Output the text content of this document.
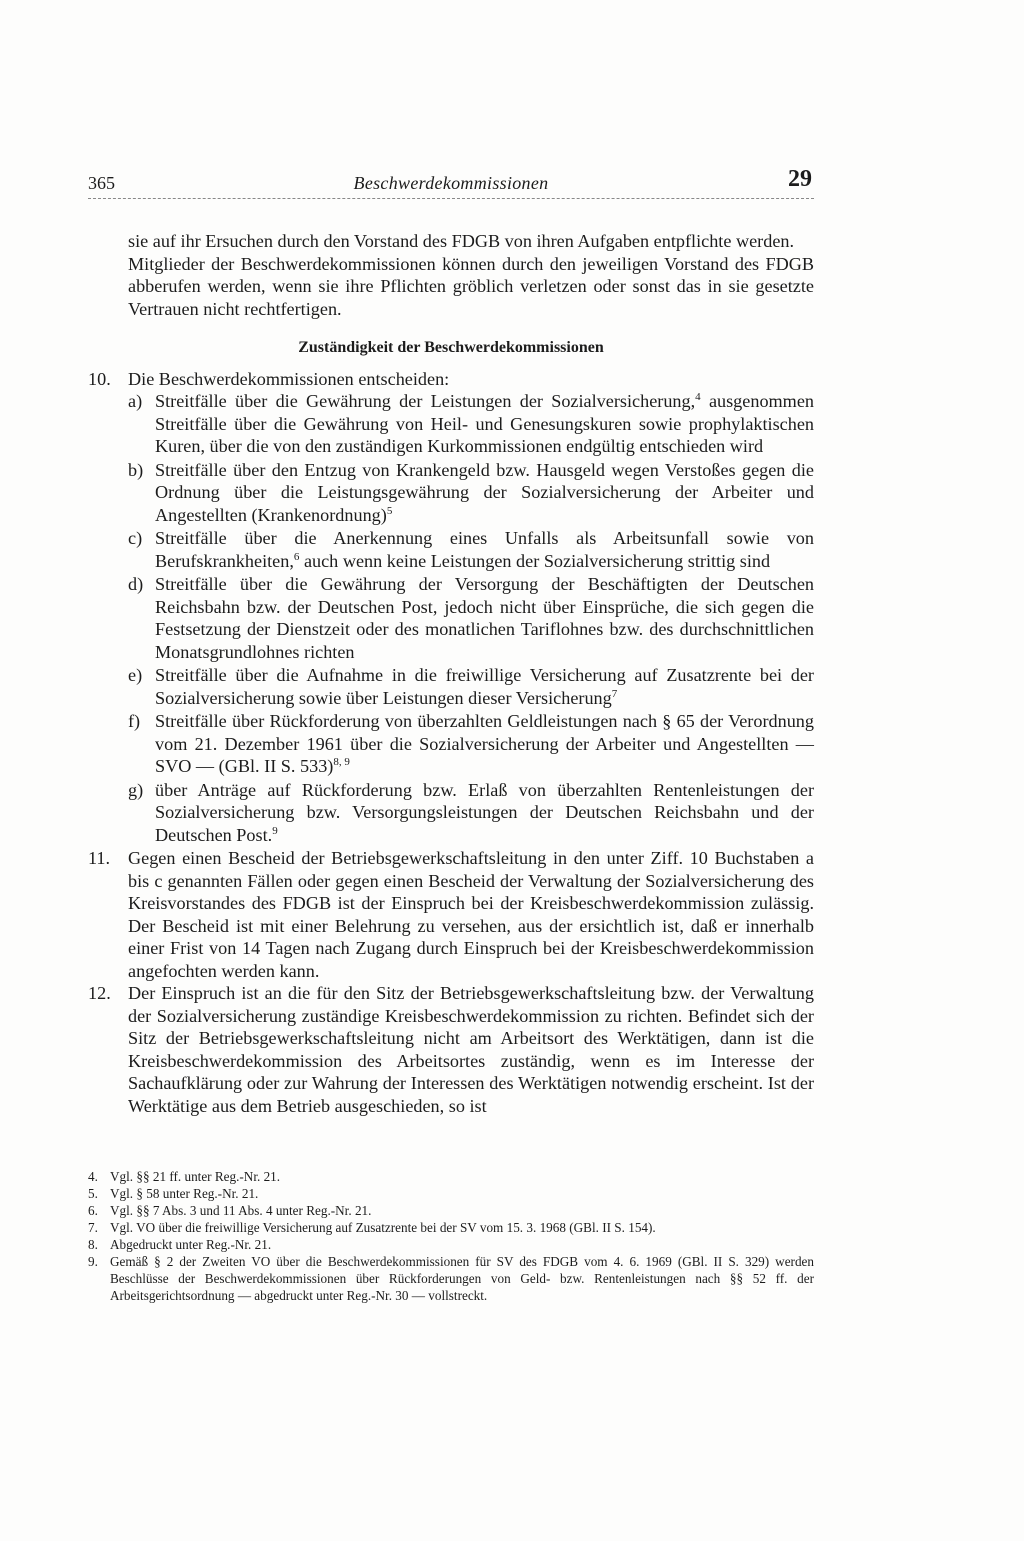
365	Beschwerdekommissionen	29

sie auf ihr Ersuchen durch den Vorstand des FDGB von ihren Aufgaben entpflichte werden.

Mitglieder der Beschwerdekommissionen können durch den jeweiligen Vorstand des FDGB abberufen werden, wenn sie ihre Pflichten gröblich verletzen oder sonst das in sie gesetzte Vertrauen nicht rechtfertigen.

Zuständigkeit der Beschwerdekommissionen
10. Die Beschwerdekommissionen entscheiden:
a) Streitfälle über die Gewährung der Leistungen der Sozialversicherung,$^4$ ausgenommen Streitfälle über die Gewährung von Heil- und Genesungskuren sowie prophylaktischen Kuren, über die von den zuständigen Kurkommissionen endgültig entschieden wird
b) Streitfälle über den Entzug von Krankengeld bzw. Hausgeld wegen Verstoßes gegen die Ordnung über die Leistungsgewährung der Sozialversicherung der Arbeiter und Angestellten (Krankenordnung)$^5$
c) Streitfälle über die Anerkennung eines Unfalls als Arbeitsunfall sowie von Berufskrankheiten,$^6$ auch wenn keine Leistungen der Sozialversicherung strittig sind
d) Streitfälle über die Gewährung der Versorgung der Beschäftigten der Deutschen Reichsbahn bzw. der Deutschen Post, jedoch nicht über Einsprüche, die sich gegen die Festsetzung der Dienstzeit oder des monatlichen Tariflohnes bzw. des durchschnittlichen Monatsgrundlohnes richten
e) Streitfälle über die Aufnahme in die freiwillige Versicherung auf Zusatzrente bei der Sozialversicherung sowie über Leistungen dieser Versicherung$^7$
f) Streitfälle über Rückforderung von überzahlten Geldleistungen nach § 65 der Verordnung vom 21. Dezember 1961 über die Sozialversicherung der Arbeiter und Angestellten — SVO — (GBl. II S. 533)$^{8, 9}$
g) über Anträge auf Rückforderung bzw. Erlaß von überzahlten Rentenleistungen der Sozialversicherung bzw. Versorgungsleistungen der Deutschen Reichsbahn und der Deutschen Post.$^9$
11. Gegen einen Bescheid der Betriebsgewerkschaftsleitung in den unter Ziff. 10 Buchstaben a bis c genannten Fällen oder gegen einen Bescheid der Verwaltung der Sozialversicherung des Kreisvorstandes des FDGB ist der Einspruch bei der Kreisbeschwerdekommission zulässig. Der Bescheid ist mit einer Belehrung zu versehen, aus der ersichtlich ist, daß er innerhalb einer Frist von 14 Tagen nach Zugang durch Einspruch bei der Kreisbeschwerdekommission angefochten werden kann.
12. Der Einspruch ist an die für den Sitz der Betriebsgewerkschaftsleitung bzw. der Verwaltung der Sozialversicherung zuständige Kreisbeschwerdekommission zu richten. Befindet sich der Sitz der Betriebsgewerkschaftsleitung nicht am Arbeitsort des Werktätigen, dann ist die Kreisbeschwerdekommission des Arbeitsortes zuständig, wenn es im Interesse der Sachaufklärung oder zur Wahrung der Interessen des Werktätigen notwendig erscheint. Ist der Werktätige aus dem Betrieb ausgeschieden, so ist
4. Vgl. §§ 21 ff. unter Reg.-Nr. 21.
5. Vgl. § 58 unter Reg.-Nr. 21.
6. Vgl. §§ 7 Abs. 3 und 11 Abs. 4 unter Reg.-Nr. 21.
7. Vgl. VO über die freiwillige Versicherung auf Zusatzrente bei der SV vom 15. 3. 1968 (GBl. II S. 154).
8. Abgedruckt unter Reg.-Nr. 21.
9. Gemäß § 2 der Zweiten VO über die Beschwerdekommissionen für SV des FDGB vom 4. 6. 1969 (GBl. II S. 329) werden Beschlüsse der Beschwerdekommissionen über Rückforderungen von Geld- bzw. Rentenleistungen nach §§ 52 ff. der Arbeitsgerichtsordnung — abgedruckt unter Reg.-Nr. 30 — vollstreckt.
